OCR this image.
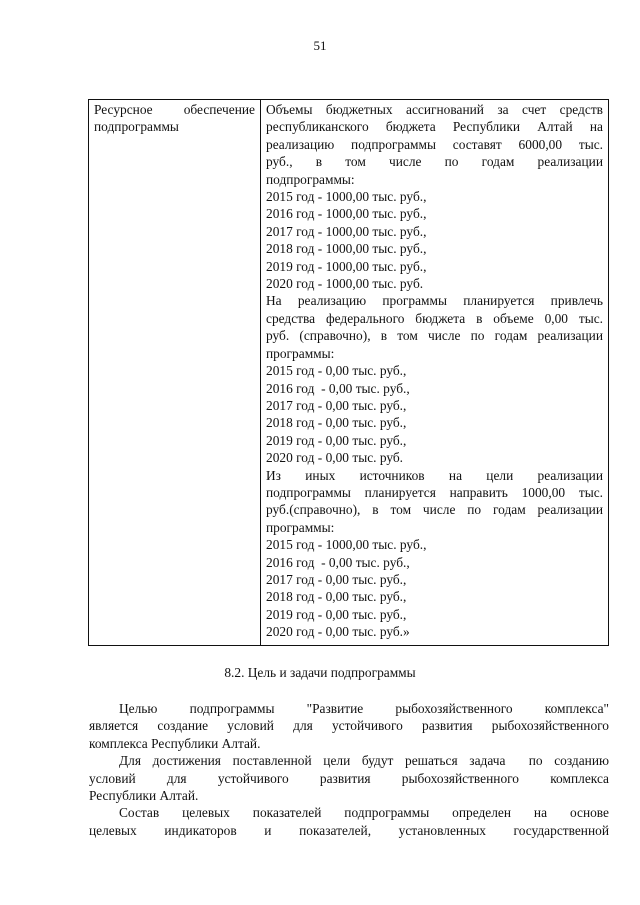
51
Ресурсное обеспечение
подпрограммы

Объемы бюджетных ассигнований за счет средств
республиканского бюджета Республики Алтай на
реализацию подпрограммы составят 6000,00 тыс.
руб.,    в    том    числе    по    годам    реализации
подпрограммы:
2015 год - 1000,00 тыс. руб.,
2016 год - 1000,00 тыс. руб.,
2017 год - 1000,00 тыс. руб.,
2018 год - 1000,00 тыс. руб.,
2019 год - 1000,00 тыс. руб.,
2020 год - 1000,00 тыс. руб.
На реализацию программы планируется привлечь
средства федерального бюджета в объеме 0,00 тыс.
руб. (справочно), в том числе по годам реализации
программы:
2015 год - 0,00 тыс. руб.,
2016 год  - 0,00 тыс. руб.,
2017 год - 0,00 тыс. руб.,
2018 год - 0,00 тыс. руб.,
2019 год - 0,00 тыс. руб.,
2020 год - 0,00 тыс. руб.
Из    иных    источников    на    цели    реализации
подпрограммы планируется направить 1000,00 тыс.
руб.(справочно), в том числе по годам реализации
программы:
2015 год - 1000,00 тыс. руб.,
2016 год  - 0,00 тыс. руб.,
2017 год - 0,00 тыс. руб.,
2018 год - 0,00 тыс. руб.,
2019 год - 0,00 тыс. руб.,
2020 год - 0,00 тыс. руб.»
8.2. Цель и задачи подпрограммы

Целью     подпрограммы     "Развитие     рыбохозяйственного     комплекса"
является создание условий для устойчивого развития рыбохозяйственного
комплекса Республики Алтай.

Для достижения поставленной цели будут решаться задача  по созданию
условий    для    устойчивого    развития    рыбохозяйственного    комплекса
Республики Алтай.

Состав целевых показателей подпрограммы определен на основе
целевых  индикаторов  и  показателей,  установленных  государственной
